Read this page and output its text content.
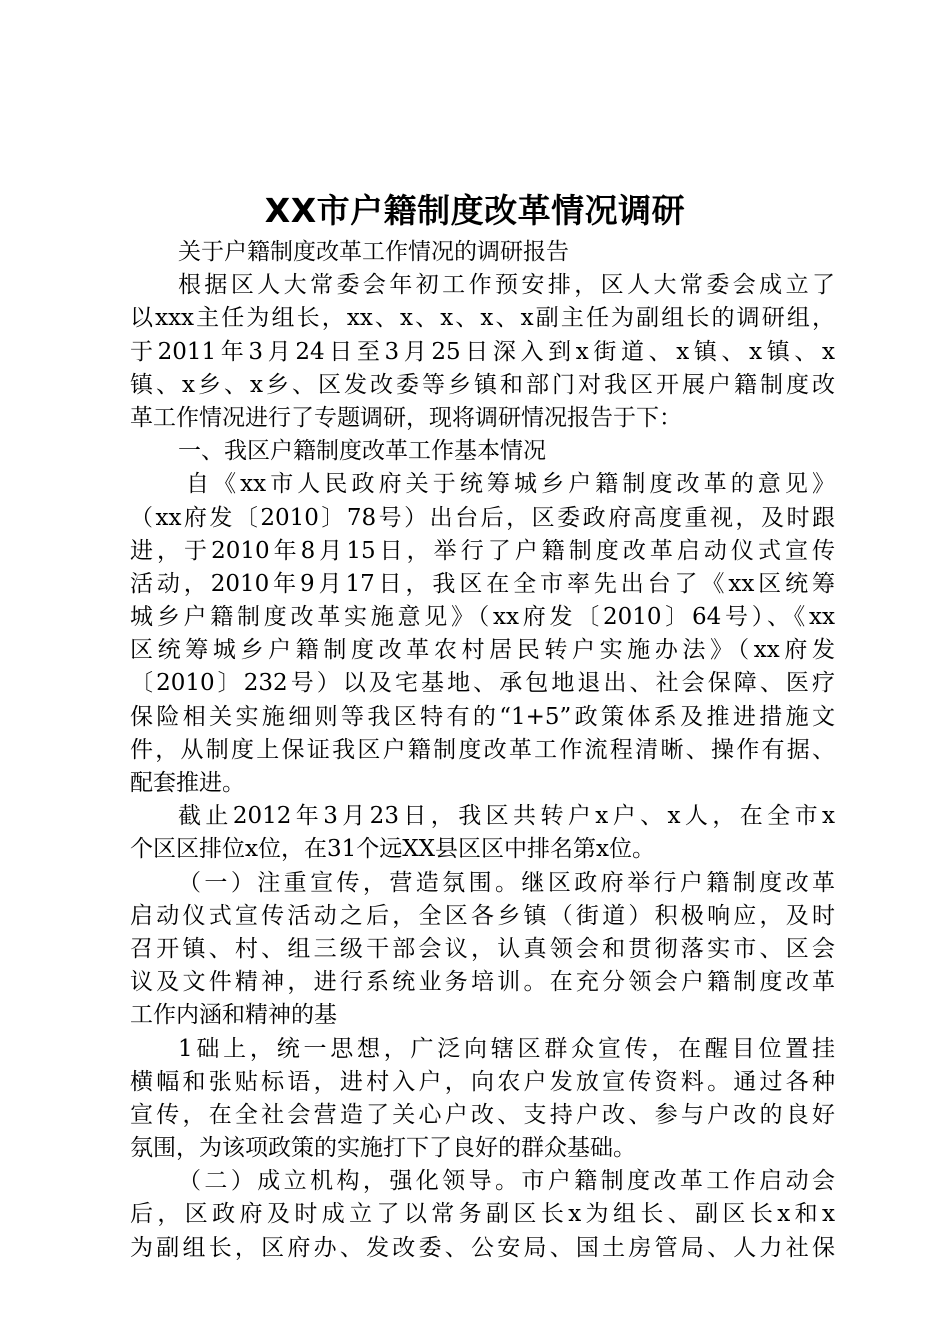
XX市户籍制度改革情况调研
关于户籍制度改革工作情况的调研报告
根据区人大常委会年初工作预安排，区人大常委会成立了
以xxx主任为组长，xx、x、x、x、x副主任为副组长的调研组，
于2011年3月24日至3月25日深入到x街道、x镇、x镇、x
镇、x乡、x乡、区发改委等乡镇和部门对我区开展户籍制度改
革工作情况进行了专题调研，现将调研情况报告于下：
一、我区户籍制度改革工作基本情况
自《xx市人民政府关于统筹城乡户籍制度改革的意见》
（xx府发〔2010〕78号）出台后，区委政府高度重视，及时跟
进，于2010年8月15日，举行了户籍制度改革启动仪式宣传
活动，2010年9月17日，我区在全市率先出台了《xx区统筹
城乡户籍制度改革实施意见》（xx府发〔2010〕64号）、《xx
区统筹城乡户籍制度改革农村居民转户实施办法》（xx府发
〔2010〕232号）以及宅基地、承包地退出、社会保障、医疗
保险相关实施细则等我区特有的“1+5”政策体系及推进措施文
件，从制度上保证我区户籍制度改革工作流程清晰、操作有据、
配套推进。
截止2012年3月23日，我区共转户x户、x人，在全市x
个区区排位x位，在31个远XX县区区中排名第x位。
（一）注重宣传，营造氛围。继区政府举行户籍制度改革
启动仪式宣传活动之后，全区各乡镇（街道）积极响应，及时
召开镇、村、组三级干部会议，认真领会和贯彻落实市、区会
议及文件精神，进行系统业务培训。在充分领会户籍制度改革
工作内涵和精神的基
1础上，统一思想，广泛向辖区群众宣传，在醒目位置挂
横幅和张贴标语，进村入户，向农户发放宣传资料。通过各种
宣传，在全社会营造了关心户改、支持户改、参与户改的良好
氛围，为该项政策的实施打下了良好的群众基础。
（二）成立机构，强化领导。市户籍制度改革工作启动会
后，区政府及时成立了以常务副区长x为组长、副区长x和x
为副组长，区府办、发改委、公安局、国土房管局、人力社保
